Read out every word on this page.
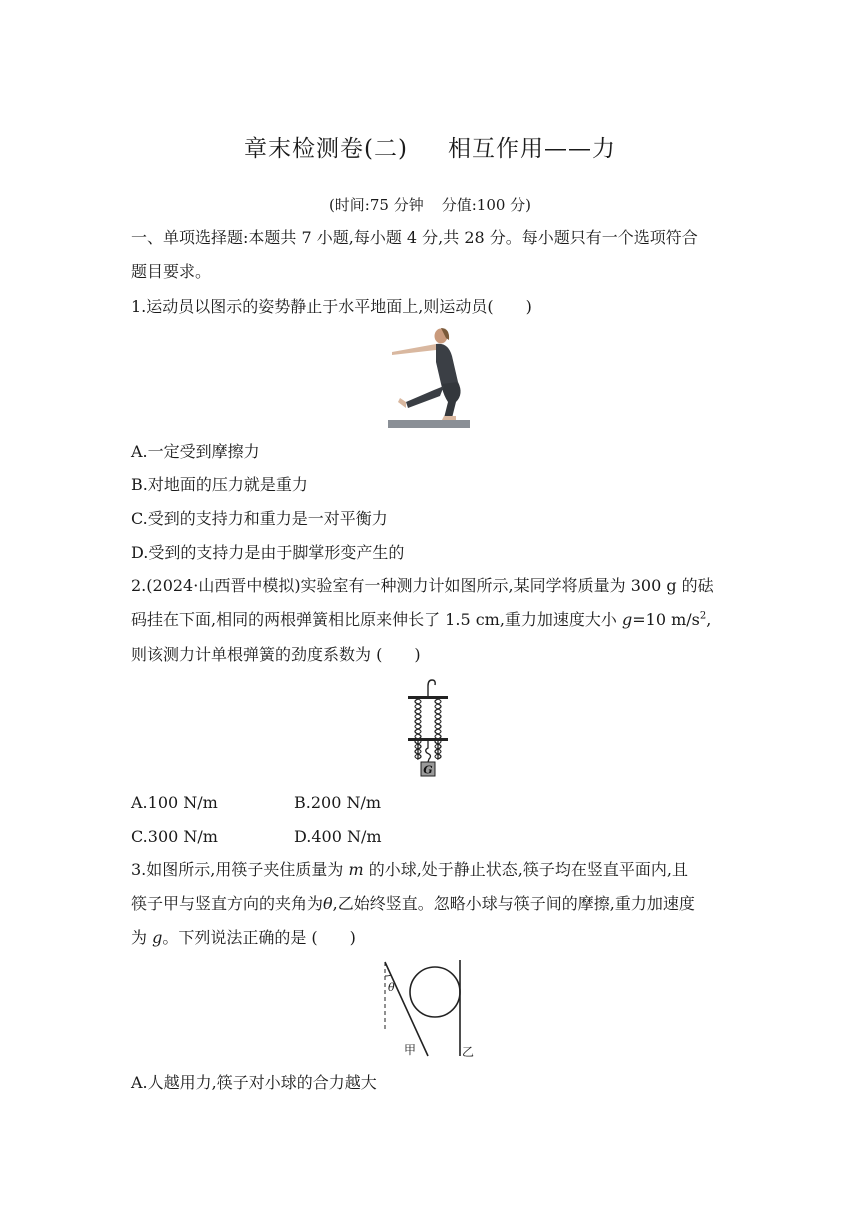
章末检测卷(二) 相互作用——力
(时间:75 分钟 分值:100 分)
一、单项选择题:本题共 7 小题,每小题 4 分,共 28 分。每小题只有一个选项符合
题目要求。
1.运动员以图示的姿势静止于水平地面上,则运动员(　　)
A.一定受到摩擦力
B.对地面的压力就是重力
C.受到的支持力和重力是一对平衡力
D.受到的支持力是由于脚掌形变产生的
2.(2024·山西晋中模拟)实验室有一种测力计如图所示,某同学将质量为 300 g 的砝
码挂在下面,相同的两根弹簧相比原来伸长了 1.5 cm,重力加速度大小 g=10 $m/s^2$,
则该测力计单根弹簧的劲度系数为 (　　)
G
A.100 N/m	B.200 N/m
C.300 N/m	D.400 N/m
3.如图所示,用筷子夹住质量为 m 的小球,处于静止状态,筷子均在竖直平面内,且
筷子甲与竖直方向的夹角为θ,乙始终竖直。忽略小球与筷子间的摩擦,重力加速度
为 g。下列说法正确的是 (　　)
θ
甲	乙
A.人越用力,筷子对小球的合力越大
